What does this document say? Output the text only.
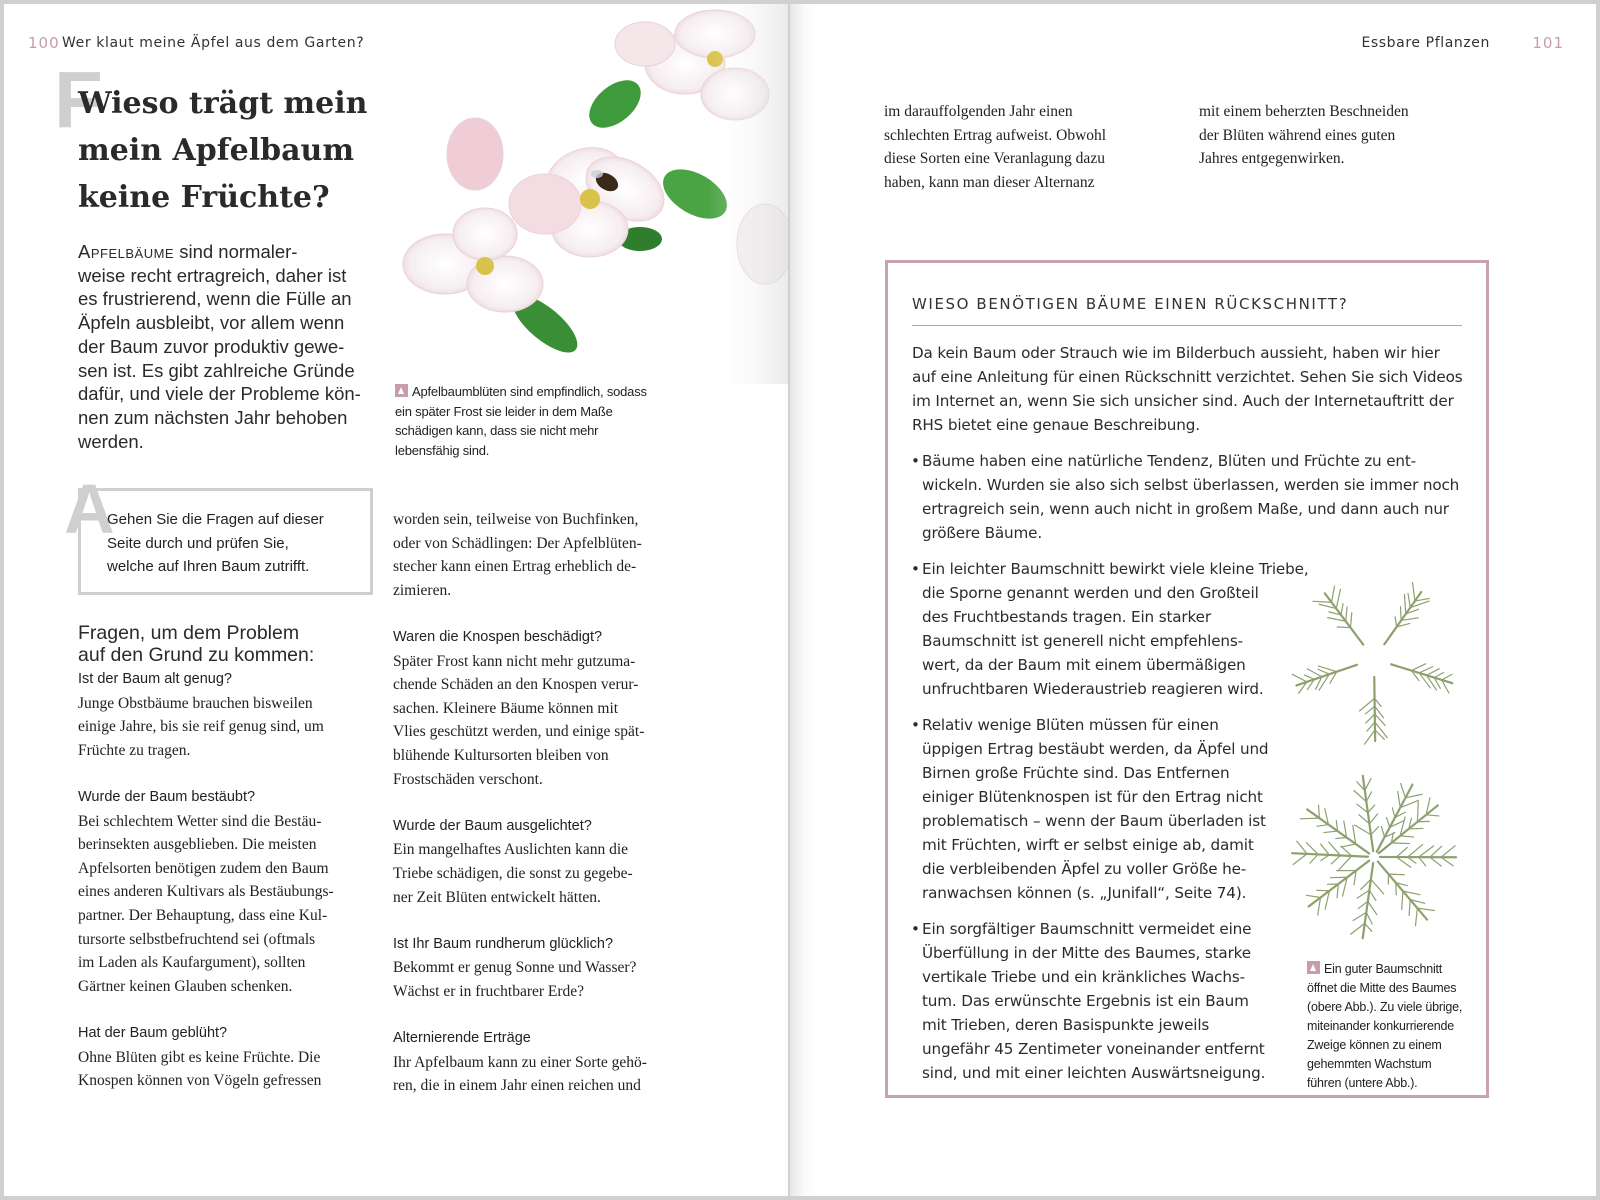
100 Wer klaut meine Äpfel aus dem Garten?
F
Wieso trägt mein
mein Apfelbaum
keine Früchte?
Apfelbäume sind normaler-
weise recht ertragreich, daher ist
es frustrierend, wenn die Fülle an
Äpfeln ausbleibt, vor allem wenn
der Baum zuvor produktiv gewe-
sen ist. Es gibt zahlreiche Gründe
dafür, und viele der Probleme kön-
nen zum nächsten Jahr behoben
werden.
Apfelbaumblüten sind empfindlich, sodass
ein später Frost sie leider in dem Maße
schädigen kann, dass sie nicht mehr
lebensfähig sind.
A
Gehen Sie die Fragen auf dieser
Seite durch und prüfen Sie,
welche auf Ihren Baum zutrifft.
Fragen, um dem Problem
auf den Grund zu kommen:
Ist der Baum alt genug?
Junge Obstbäume brauchen bisweilen
einige Jahre, bis sie reif genug sind, um
Früchte zu tragen.
Wurde der Baum bestäubt?
Bei schlechtem Wetter sind die Bestäu-
berinsekten ausgeblieben. Die meisten
Apfelsorten benötigen zudem den Baum
eines anderen Kultivars als Bestäubungs-
partner. Der Behauptung, dass eine Kul-
tursorte selbstbefruchtend sei (oftmals
im Laden als Kaufargument), sollten
Gärtner keinen Glauben schenken.
Hat der Baum geblüht?
Ohne Blüten gibt es keine Früchte. Die
Knospen können von Vögeln gefressen
worden sein, teilweise von Buchfinken,
oder von Schädlingen: Der Apfelblüten-
stecher kann einen Ertrag erheblich de-
zimieren.
Waren die Knospen beschädigt?
Später Frost kann nicht mehr gutzuma-
chende Schäden an den Knospen verur-
sachen. Kleinere Bäume können mit
Vlies geschützt werden, und einige spät-
blühende Kultursorten bleiben von
Frostschäden verschont.
Wurde der Baum ausgelichtet?
Ein mangelhaftes Auslichten kann die
Triebe schädigen, die sonst zu gegebe-
ner Zeit Blüten entwickelt hätten.
Ist Ihr Baum rundherum glücklich?
Bekommt er genug Sonne und Wasser?
Wächst er in fruchtbarer Erde?
Alternierende Erträge
Ihr Apfelbaum kann zu einer Sorte gehö-
ren, die in einem Jahr einen reichen und
Essbare Pflanzen	101
im darauffolgenden Jahr einen
schlechten Ertrag aufweist. Obwohl
diese Sorten eine Veranlagung dazu
haben, kann man dieser Alternanz
mit einem beherzten Beschneiden
der Blüten während eines guten
Jahres entgegenwirken.
WIESO BENÖTIGEN BÄUME EINEN RÜCKSCHNITT?
Da kein Baum oder Strauch wie im Bilderbuch aussieht, haben wir hier
auf eine Anleitung für einen Rückschnitt verzichtet. Sehen Sie sich Videos
im Internet an, wenn Sie sich unsicher sind. Auch der Internetauftritt der
RHS bietet eine genaue Beschreibung.
• Bäume haben eine natürliche Tendenz, Blüten und Früchte zu ent-
wickeln. Wurden sie also sich selbst überlassen, werden sie immer noch
ertragreich sein, wenn auch nicht in großem Maße, und dann auch nur
größere Bäume.
• Ein leichter Baumschnitt bewirkt viele kleine Triebe,
die Sporne genannt werden und den Großteil
des Fruchtbestands tragen. Ein starker
Baumschnitt ist generell nicht empfehlens-
wert, da der Baum mit einem übermäßigen
unfruchtbaren Wiederaustrieb reagieren wird.
• Relativ wenige Blüten müssen für einen
üppigen Ertrag bestäubt werden, da Äpfel und
Birnen große Früchte sind. Das Entfernen
einiger Blütenknospen ist für den Ertrag nicht
problematisch – wenn der Baum überladen ist
mit Früchten, wirft er selbst einige ab, damit
die verbleibenden Äpfel zu voller Größe he-
ranwachsen können (s. „Junifall“, Seite 74).
• Ein sorgfältiger Baumschnitt vermeidet eine
Überfüllung in der Mitte des Baumes, starke
vertikale Triebe und ein kränkliches Wachs-
tum. Das erwünschte Ergebnis ist ein Baum
mit Trieben, deren Basispunkte jeweils
ungefähr 45 Zentimeter voneinander entfernt
sind, und mit einer leichten Auswärtsneigung.
Ein guter Baumschnitt
öffnet die Mitte des Baumes
(obere Abb.). Zu viele übrige,
miteinander konkurrierende
Zweige können zu einem
gehemmten Wachstum
führen (untere Abb.).
